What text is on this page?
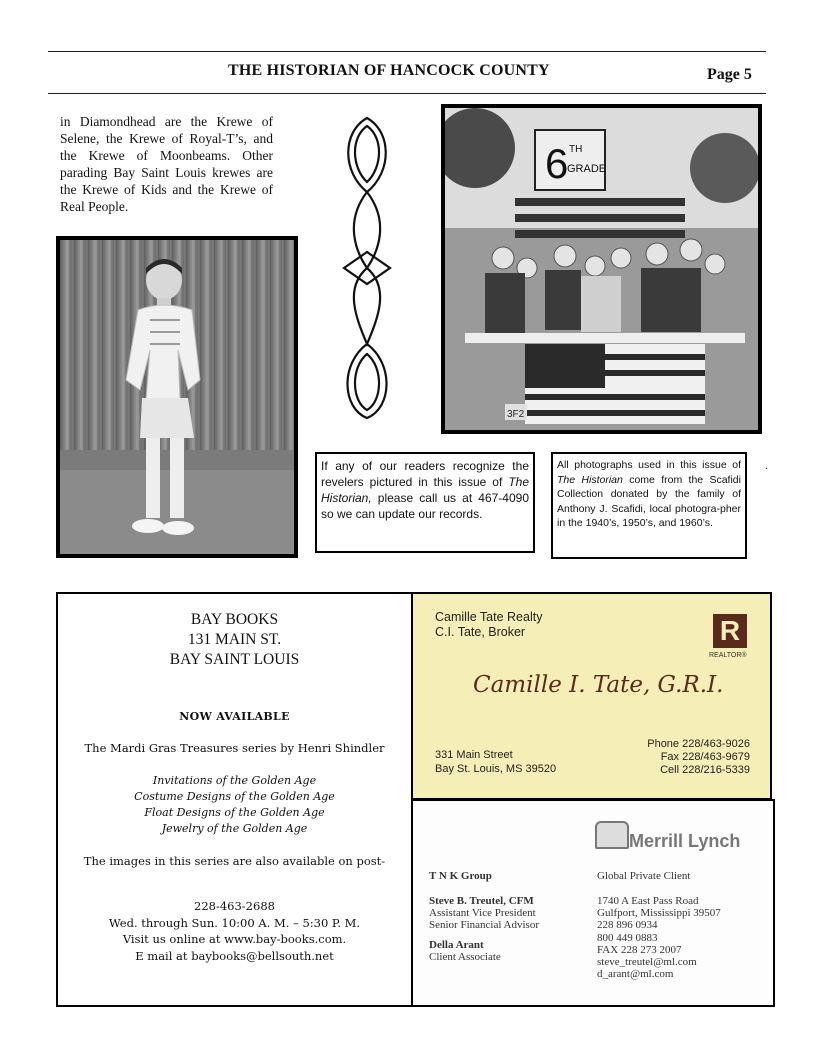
THE HISTORIAN OF HANCOCK COUNTY	Page 5
in Diamondhead are the Krewe of Selene, the Krewe of Royal-T’s, and the Krewe of Moonbeams. Other parading Bay Saint Louis krewes are the Krewe of Kids and the Krewe of Real People.
6 TH
GRADE
3F2
If any of our readers recognize the revelers pictured in this issue of The Historian, please call us at 467-4090 so we can update our records.
All photographs used in this issue of The Historian come from the Scafidi Collection donated by the family of Anthony J. Scafidi, local photogra-pher in the 1940’s, 1950’s, and 1960’s.
.
BAY BOOKS
131 MAIN ST.
BAY SAINT LOUIS
NOW AVAILABLE
The Mardi Gras Treasures series by Henri Shindler
Invitations of the Golden Age
Costume Designs of the Golden Age
Float Designs of the Golden Age
Jewelry of the Golden Age
The images in this series are also available on post-
228-463-2688
Wed. through Sun. 10:00 A. M. – 5:30 P. M.
Visit us online at www.bay-books.com.
E mail at baybooks@bellsouth.net
Camille Tate Realty
C.I. Tate, Broker	R
REALTOR®
Camille I. Tate, G.R.I.
331 Main Street
Bay St. Louis, MS 39520
Phone 228/463-9026
Fax 228/463-9679
Cell 228/216-5339
Merrill Lynch
T N K Group	Global Private Client
Steve B. Treutel, CFM
Assistant Vice President
Senior Financial Advisor
Della Arant
Client Associate
1740 A East Pass Road
Gulfport, Mississippi 39507
228 896 0934
800 449 0883
FAX 228 273 2007
steve_treutel@ml.com
d_arant@ml.com
